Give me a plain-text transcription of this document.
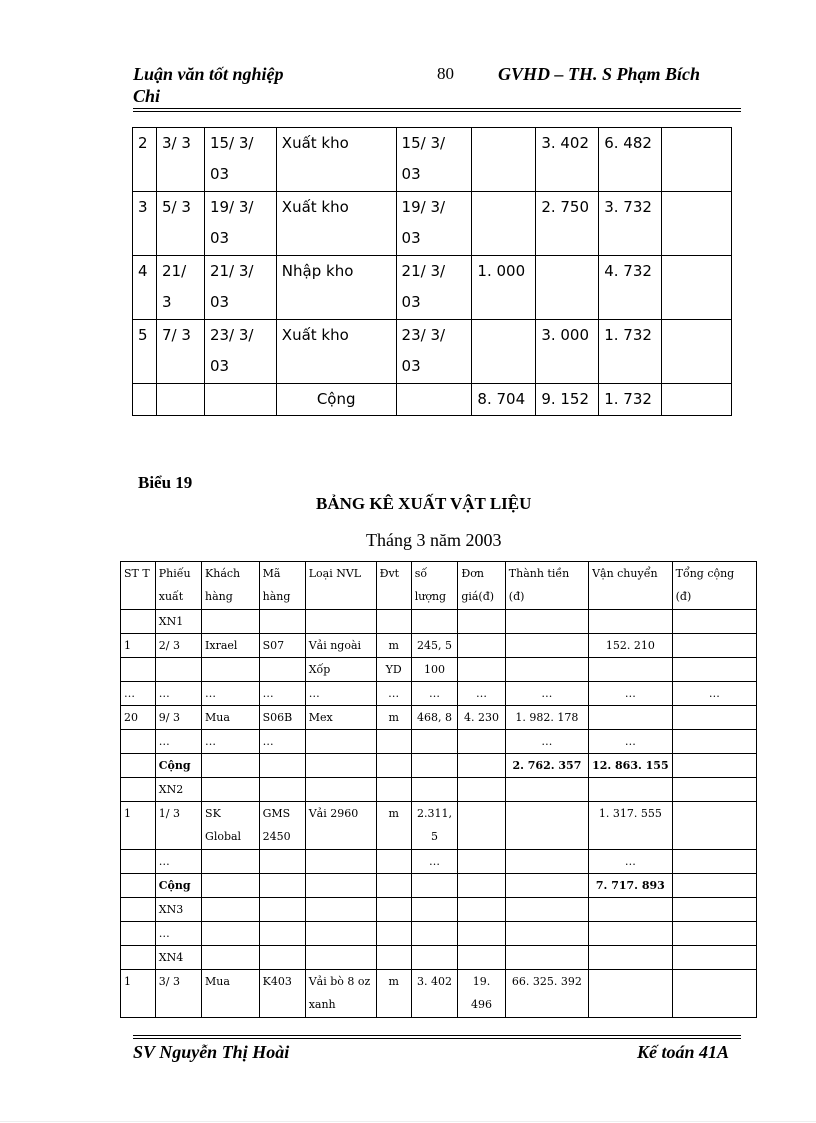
Luận văn tốt nghiệp	80 GVHD – TH. S Phạm Bích
Chi
2	3/ 3	15/ 3/ 03	Xuất kho	15/ 3/ 03		3. 402	6. 482	
3	5/ 3	19/ 3/ 03	Xuất kho	19/ 3/ 03		2. 750	3. 732	
4	21/ 3	21/ 3/ 03	Nhập kho	21/ 3/ 03	1. 000		4. 732	
5	7/ 3	23/ 3/ 03	Xuất kho	23/ 3/ 03		3. 000	1. 732	
			Cộng		8. 704	9. 152	1. 732	
Biểu 19
BẢNG KÊ XUẤT VẬT LIỆU
Tháng 3 năm 2003
ST T	Phiếu xuất	Khách hàng	Mã hàng	Loại NVL	Đvt	số lượng	Đơn giá(đ)	Thành tiền (đ)	Vận chuyển	Tổng cộng (đ)
	XN1									
1	2/ 3	Ixrael	S07	Vải ngoài	m	245, 5			152. 210	
				Xốp	YD	100				
…	…	…	…	…	…	…	…	…	…	…
20	9/ 3	Mua	S06B	Mex	m	468, 8	4. 230	1. 982. 178		
	…	…	…					…	…	
	Cộng							2. 762. 357	12. 863. 155	
	XN2									
1	1/ 3	SK Global	GMS 2450	Vải 2960	m	2.311, 5			1. 317. 555	
	…					…			…	
	Cộng								7. 717. 893	
	XN3									
	…									
	XN4									
1	3/ 3	Mua	K403	Vải bò 8 oz xanh	m	3. 402	19. 496	66. 325. 392		
SV Nguyễn Thị Hoài	Kế toán 41A
